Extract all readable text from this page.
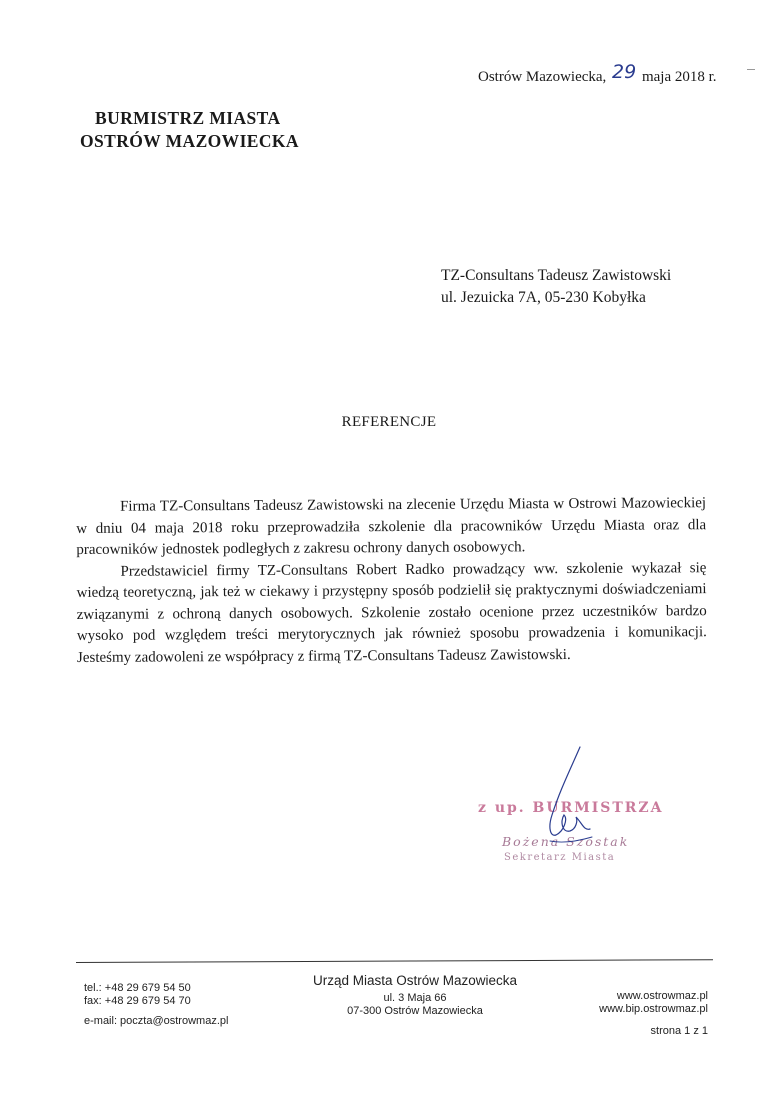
Ostrów Mazowiecka, 29 maja 2018 r.
BURMISTRZ MIASTA
OSTRÓW MAZOWIECKA
TZ-Consultans Tadeusz Zawistowski
ul. Jezuicka 7A, 05-230 Kobyłka
REFERENCJE

Firma TZ-Consultans Tadeusz Zawistowski na zlecenie Urzędu Miasta w Ostrowi Mazowieckiej w dniu 04 maja 2018 roku przeprowadziła szkolenie dla pracowników Urzędu Miasta oraz dla pracowników jednostek podległych z zakresu ochrony danych osobowych.

Przedstawiciel firmy TZ-Consultans Robert Radko prowadzący ww. szkolenie wykazał się wiedzą teoretyczną, jak też w ciekawy i przystępny sposób podzielił się praktycznymi doświadczeniami związanymi z ochroną danych osobowych. Szkolenie zostało ocenione przez uczestników bardzo wysoko pod względem treści merytorycznych jak również sposobu prowadzenia i komunikacji. Jesteśmy zadowoleni ze współpracy z firmą TZ-Consultans Tadeusz Zawistowski.

z up. BURMISTRZA
Bożena Szostak
Sekretarz Miasta
tel.: +48 29 679 54 50
fax: +48 29 679 54 70
e-mail: poczta@ostrowmaz.pl
Urząd Miasta Ostrów Mazowiecka
ul. 3 Maja 66
07-300 Ostrów Mazowiecka
www.ostrowmaz.pl
www.bip.ostrowmaz.pl
strona 1 z 1
